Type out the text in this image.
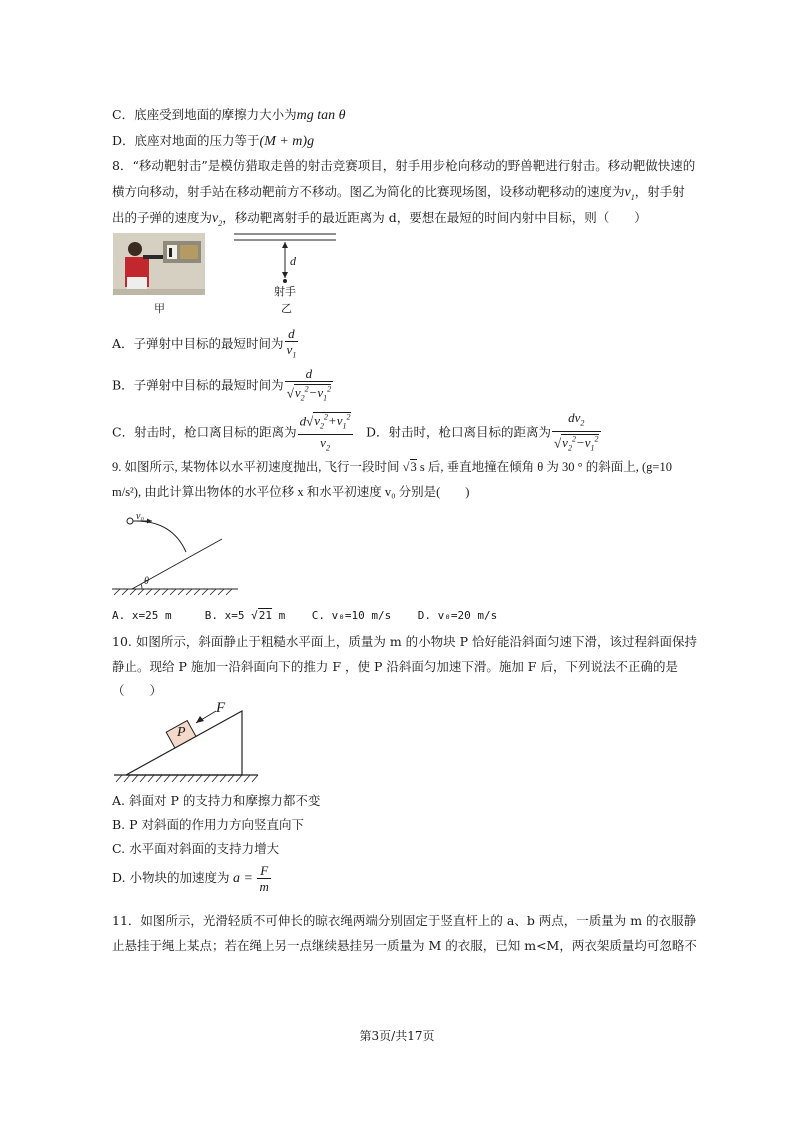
C．底座受到地面的摩擦力大小为mg tan θ
D．底座对地面的压力等于(M + m)g
8．“移动靶射击”是模仿猎取走兽的射击竞赛项目，射手用步枪向移动的野兽靶进行射击。移动靶做快速的
横方向移动，射手站在移动靶前方不移动。图乙为简化的比赛现场图，设移动靶移动的速度为$v_1$，射手射
出的子弹的速度为$v_2$，移动靶离射手的最近距离为 d，要想在最短的时间内射中目标，则（　　）
甲
d
射手
乙
A．子弹射中目标的最短时间为 $\frac{d}{v_1}$
B．子弹射中目标的最短时间为 $\frac{d}{√v_2^2-v_1^2}$
C．射击时，枪口离目标的距离为 $\frac{d√v_2^2+v_1^2}{v_2}$ D．射击时，枪口离目标的距离为 $\frac{dv_2}{√v_2^2-v_1^2}$
9. 如图所示, 某物体以水平初速度抛出, 飞行一段时间 √3 s 后, 垂直地撞在倾角 θ 为 30 ° 的斜面上, (g=10
m/s²), 由此计算出物体的水平位移 x 和水平初速度 v₀ 分别是(　　)
v₀
θ
A. x=25 m	B. x=5 √21 m C. v₀=10 m/s D. v₀=20 m/s
10. 如图所示，斜面静止于粗糙水平面上，质量为 m 的小物块 P 恰好能沿斜面匀速下滑，该过程斜面保持
静止。现给 P 施加一沿斜面向下的推力 F ，使 P 沿斜面匀加速下滑。施加 F 后，下列说法不正确的是
（　　）
P
F
A. 斜面对 P 的支持力和摩擦力都不变
B. P 对斜面的作用力方向竖直向下
C. 水平面对斜面的支持力增大
D. 小物块的加速度为 $a = \frac{F}{m}$
11．如图所示，光滑轻质不可伸长的晾衣绳两端分别固定于竖直杆上的 a、b 两点，一质量为 m 的衣服静
止悬挂于绳上某点；若在绳上另一点继续悬挂另一质量为 M 的衣服，已知 m<M，两衣架质量均可忽略不
第3页/共17页
